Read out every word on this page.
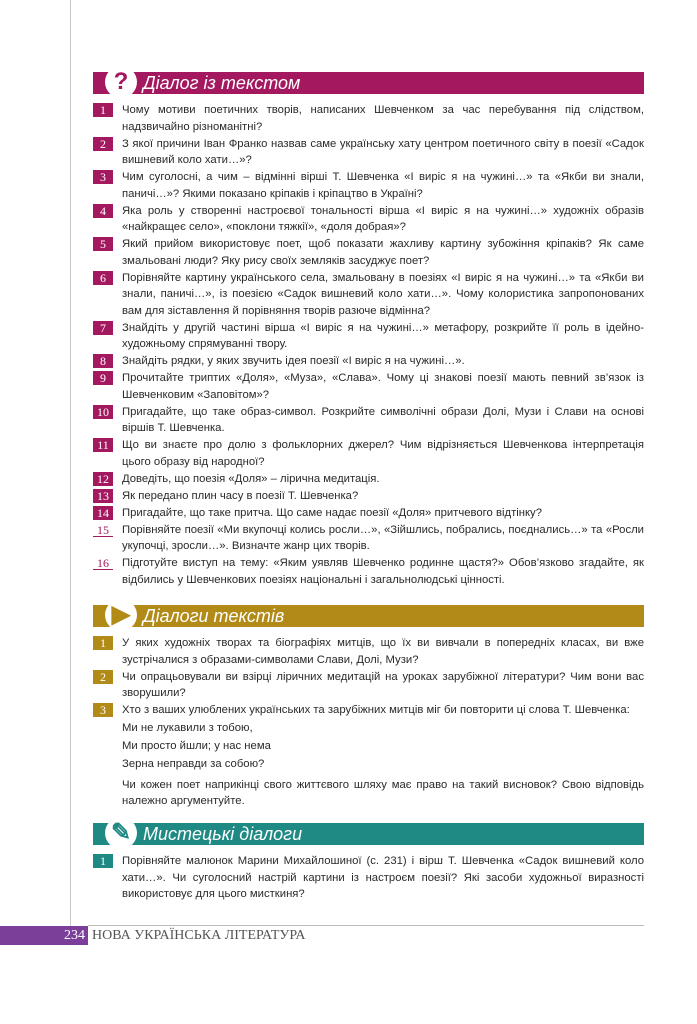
? Діалог із текстом
1	Чому мотиви поетичних творів, написаних Шевченком за час перебування під слідством, надзвичайно різноманітні?
2	З якої причини Іван Франко назвав саме українську хату центром поетичного світу в поезії «Садок вишневий коло хати…»?
3	Чим суголосні, а чим – відмінні вірші Т. Шевченка «І виріс я на чужині…» та «Якби ви знали, паничі…»? Якими показано кріпаків і кріпацтво в Україні?
4	Яка роль у створенні настроєвої тональності вірша «І виріс я на чужині…» художніх образів «найкращеє село», «поклони тяжкії», «доля добрая»?
5	Який прийом використовує поет, щоб показати жахливу картину зубожіння кріпаків? Як саме змальовані люди? Яку рису своїх земляків засуджує поет?
6	Порівняйте картину українського села, змальовану в поезіях «І виріс я на чужині…» та «Якби ви знали, паничі…», із поезією «Садок вишневий коло хати…». Чому колористика запропонованих вам для зіставлення й порівняння творів разюче відмінна?
7	Знайдіть у другій частині вірша «І виріс я на чужині…» метафору, розкрийте її роль в ідейно-художньому спрямуванні твору.
8	Знайдіть рядки, у яких звучить ідея поезії «І виріс я на чужині…».
9	Прочитайте триптих «Доля», «Муза», «Слава». Чому ці знакові поезії мають певний зв’язок із Шевченковим «Заповітом»?
10	Пригадайте, що таке образ-символ. Розкрийте символічні образи Долі, Музи і Слави на основі віршів Т. Шевченка.
11	Що ви знаєте про долю з фольклорних джерел? Чим відрізняється Шевченкова інтерпретація цього образу від народної?
12	Доведіть, що поезія «Доля» – лірична медитація.
13	Як передано плин часу в поезії Т. Шевченка?
14	Пригадайте, що таке притча. Що саме надає поезії «Доля» притчевого відтінку?
15	Порівняйте поезії «Ми вкупочці колись росли…», «Зійшлись, побрались, поєднались…» та «Росли укупочці, зросли…». Визначте жанр цих творів.
16	Підготуйте виступ на тему: «Яким уявляв Шевченко родинне щастя?» Обов’язково згадайте, як відбились у Шевченкових поезіях національні і загальнолюдські цінності.
▶ Діалоги текстів
1	У яких художніх творах та біографіях митців, що їх ви вивчали в попередніх класах, ви вже зустрічалися з образами-символами Слави, Долі, Музи?
2	Чи опрацьовували ви взірці ліричних медитацій на уроках зарубіжної літератури? Чим вони вас зворушили?
3	Хто з ваших улюблених українських та зарубіжних митців міг би повторити ці слова Т. Шевченка:
Ми не лукавили з тобою,
Ми просто йшли; у нас нема
Зерна неправди за собою?
Чи кожен поет наприкінці свого життєвого шляху має право на такий висновок? Свою відповідь належно аргументуйте.
✎ Мистецькі діалоги
1	Порівняйте малюнок Марини Михайлошиної (с. 231) і вірш Т. Шевченка «Садок вишневий коло хати…». Чи суголосний настрій картини із настроєм поезії? Які засоби художньої виразності використовує для цього мисткиня?
234 НОВА УКРАЇНСЬКА ЛІТЕРАТУРА
